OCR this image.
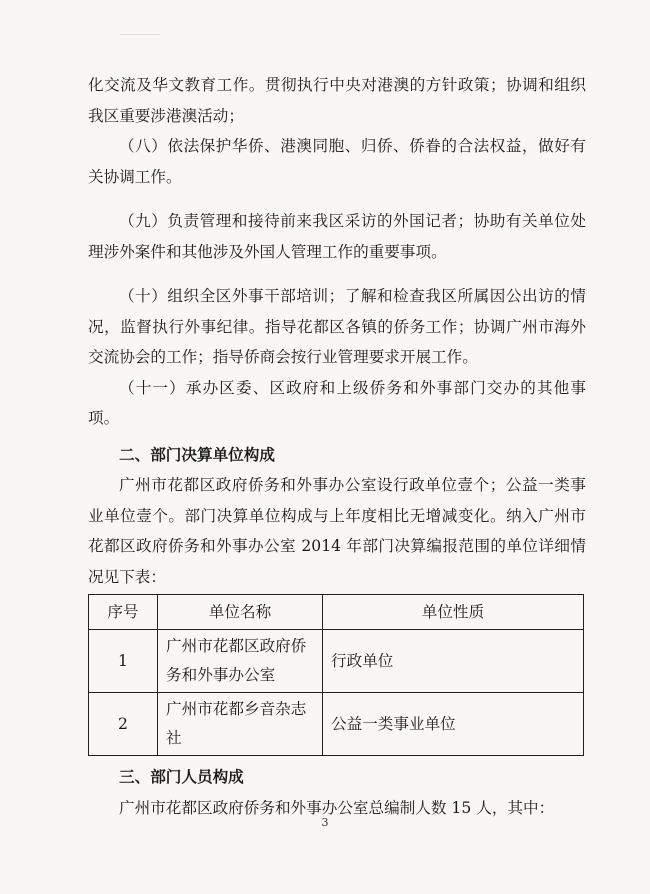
化交流及华文教育工作。贯彻执行中央对港澳的方针政策；协调和组织我区重要涉港澳活动；

（八）依法保护华侨、港澳同胞、归侨、侨眷的合法权益，做好有关协调工作。

（九）负责管理和接待前来我区采访的外国记者；协助有关单位处理涉外案件和其他涉及外国人管理工作的重要事项。

（十）组织全区外事干部培训；了解和检查我区所属因公出访的情况，监督执行外事纪律。指导花都区各镇的侨务工作；协调广州市海外交流协会的工作；指导侨商会按行业管理要求开展工作。

（十一）承办区委、区政府和上级侨务和外事部门交办的其他事项。

二、部门决算单位构成

广州市花都区政府侨务和外事办公室设行政单位壹个；公益一类事业单位壹个。部门决算单位构成与上年度相比无增减变化。纳入广州市花都区政府侨务和外事办公室 2014 年部门决算编报范围的单位详细情况见下表：

序号	单位名称	单位性质
1	广州市花都区政府侨务和外事办公室	行政单位
2	广州市花都乡音杂志社	公益一类事业单位

三、部门人员构成

广州市花都区政府侨务和外事办公室总编制人数 15 人，其中：

3
